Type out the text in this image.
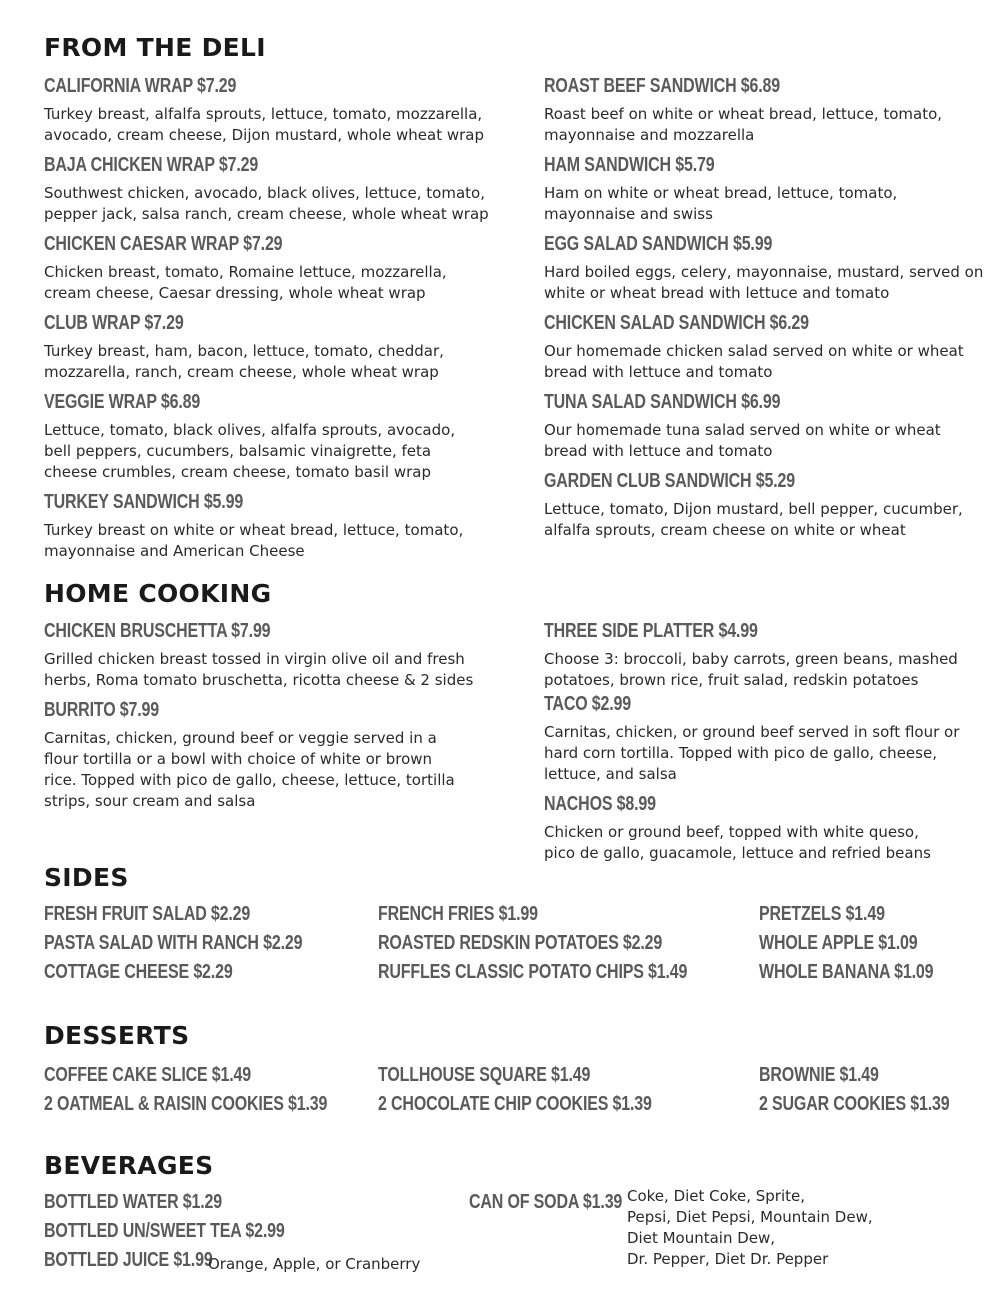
FROM THE DELI
CALIFORNIA WRAP $7.29
Turkey breast, alfalfa sprouts, lettuce, tomato, mozzarella,
avocado, cream cheese, Dijon mustard, whole wheat wrap
BAJA CHICKEN WRAP $7.29
Southwest chicken, avocado, black olives, lettuce, tomato,
pepper jack, salsa ranch, cream cheese, whole wheat wrap
CHICKEN CAESAR WRAP $7.29
Chicken breast, tomato, Romaine lettuce, mozzarella,
cream cheese, Caesar dressing, whole wheat wrap
CLUB WRAP $7.29
Turkey breast, ham, bacon, lettuce, tomato, cheddar,
mozzarella, ranch, cream cheese, whole wheat wrap
VEGGIE WRAP $6.89
Lettuce, tomato, black olives, alfalfa sprouts, avocado,
bell peppers, cucumbers, balsamic vinaigrette, feta
cheese crumbles, cream cheese, tomato basil wrap
TURKEY SANDWICH $5.99
Turkey breast on white or wheat bread, lettuce, tomato,
mayonnaise and American Cheese
ROAST BEEF SANDWICH $6.89
Roast beef on white or wheat bread, lettuce, tomato,
mayonnaise and mozzarella
HAM SANDWICH $5.79
Ham on white or wheat bread, lettuce, tomato,
mayonnaise and swiss
EGG SALAD SANDWICH $5.99
Hard boiled eggs, celery, mayonnaise, mustard, served on
white or wheat bread with lettuce and tomato
CHICKEN SALAD SANDWICH $6.29
Our homemade chicken salad served on white or wheat
bread with lettuce and tomato
TUNA SALAD SANDWICH $6.99
Our homemade tuna salad served on white or wheat
bread with lettuce and tomato
GARDEN CLUB SANDWICH $5.29
Lettuce, tomato, Dijon mustard, bell pepper, cucumber,
alfalfa sprouts, cream cheese on white or wheat
HOME COOKING
CHICKEN BRUSCHETTA $7.99
Grilled chicken breast tossed in virgin olive oil and fresh
herbs, Roma tomato bruschetta, ricotta cheese & 2 sides
BURRITO $7.99
Carnitas, chicken, ground beef or veggie served in a
flour tortilla or a bowl with choice of white or brown
rice. Topped with pico de gallo, cheese, lettuce, tortilla
strips, sour cream and salsa
THREE SIDE PLATTER $4.99
Choose 3: broccoli, baby carrots, green beans, mashed
potatoes, brown rice, fruit salad, redskin potatoes
TACO $2.99
Carnitas, chicken, or ground beef served in soft flour or
hard corn tortilla. Topped with pico de gallo, cheese,
lettuce, and salsa
NACHOS $8.99
Chicken or ground beef, topped with white queso,
pico de gallo, guacamole, lettuce and refried beans
SIDES
FRESH FRUIT SALAD $2.29
PASTA SALAD WITH RANCH $2.29
COTTAGE CHEESE $2.29
FRENCH FRIES $1.99
ROASTED REDSKIN POTATOES $2.29
RUFFLES CLASSIC POTATO CHIPS $1.49
PRETZELS $1.49
WHOLE APPLE $1.09
WHOLE BANANA $1.09
DESSERTS
COFFEE CAKE SLICE $1.49
2 OATMEAL & RAISIN COOKIES $1.39
TOLLHOUSE SQUARE $1.49
2 CHOCOLATE CHIP COOKIES $1.39
BROWNIE $1.49
2 SUGAR COOKIES $1.39
BEVERAGES
BOTTLED WATER $1.29
BOTTLED UN/SWEET TEA $2.99
BOTTLED JUICE $1.99
Orange, Apple, or Cranberry
CAN OF SODA $1.39 Coke, Diet Coke, Sprite,
Pepsi, Diet Pepsi, Mountain Dew,
Diet Mountain Dew,
Dr. Pepper, Diet Dr. Pepper
